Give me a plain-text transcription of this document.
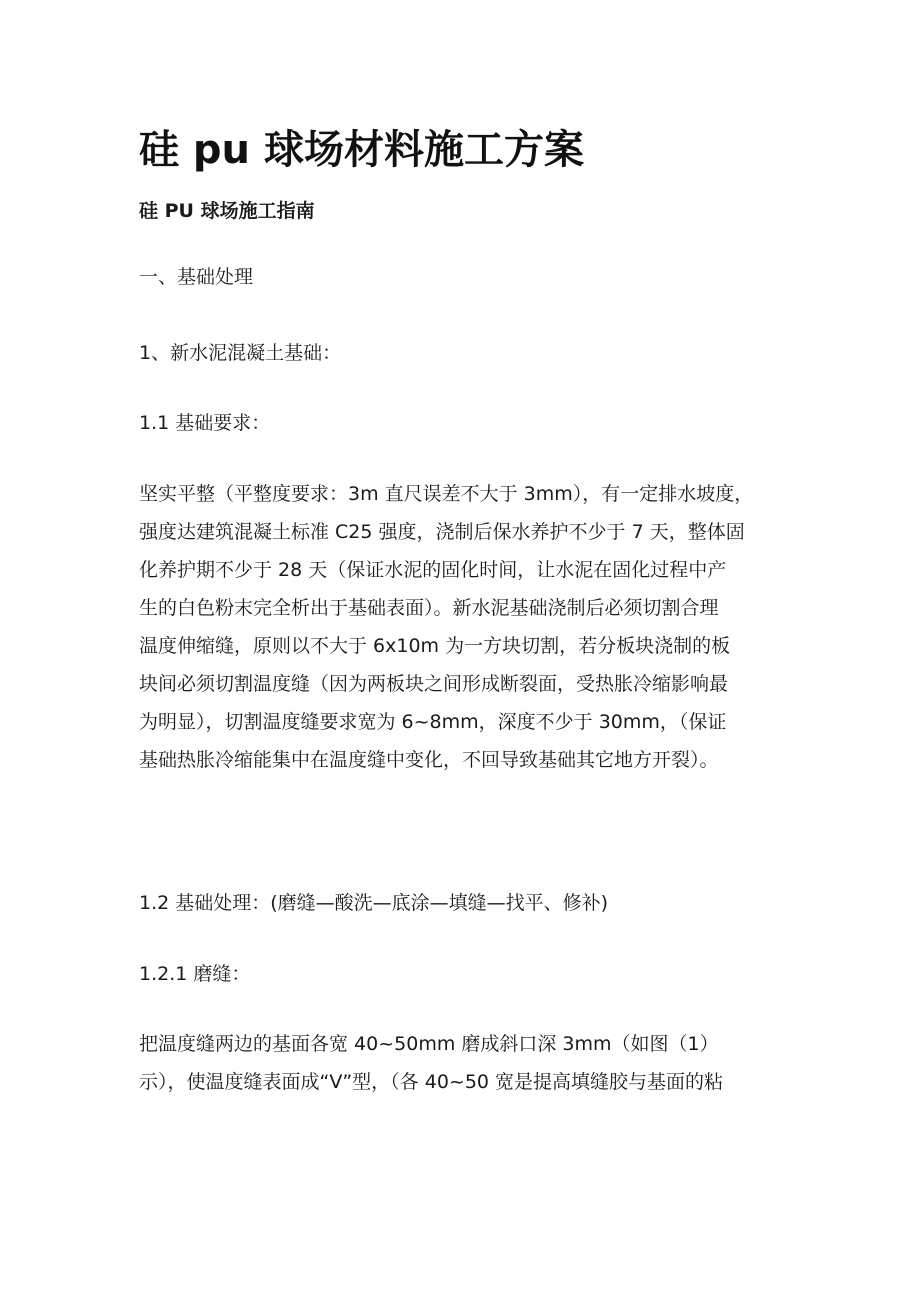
硅 pu 球场材料施工方案
硅 PU 球场施工指南
一、基础处理
1、新水泥混凝土基础：
1.1 基础要求：
坚实平整（平整度要求：3m 直尺误差不大于 3mm），有一定排水坡度，
强度达建筑混凝土标准 C25 强度，浇制后保水养护不少于 7 天，整体固
化养护期不少于 28 天（保证水泥的固化时间，让水泥在固化过程中产
生的白色粉末完全析出于基础表面）。新水泥基础浇制后必须切割合理
温度伸缩缝，原则以不大于 6x10m 为一方块切割，若分板块浇制的板
块间必须切割温度缝（因为两板块之间形成断裂面，受热胀冷缩影响最
为明显），切割温度缝要求宽为 6~8mm，深度不少于 30mm，（保证
基础热胀冷缩能集中在温度缝中变化，不回导致基础其它地方开裂）。
1.2 基础处理：(磨缝—酸洗—底涂—填缝—找平、修补)
1.2.1 磨缝：
把温度缝两边的基面各宽 40~50mm 磨成斜口深 3mm（如图（1）
示），使温度缝表面成“V”型，（各 40~50 宽是提高填缝胶与基面的粘
